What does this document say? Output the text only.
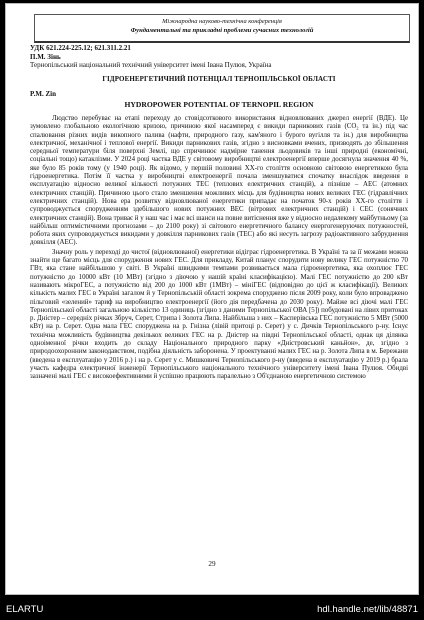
Міжнародна науково-технічна конференція
Фундаментальні та прикладні проблеми сучасних технологій
УДК 621.224-225.12; 621.311.2.21
П.М. Зінь
Тернопільський національний технічний університет імені Івана Пулюя, Україна
ГІДРОЕНЕРГЕТИЧНИЙ ПОТЕНЦІАЛ ТЕРНОПІЛЬСЬКОЇ ОБЛАСТІ
P.M. Zin
HYDROPOWER POTENTIAL OF TERNOPIL REGION

Людство перебуває на етапі переходу до стовідсоткового використання відновлюваних джерел енергії (ВДЕ). Це зумовлено глобальною екологічною кризою, причиною якої насамперед є викиди парникових газів (CO₂ та ін.) під час спалювання різних видів викопного палива (нафти, природного газу, кам'яного і бурого вугілля та ін.) для виробництва електричної, механічної і теплової енергії. Викиди парникових газів, згідно з висновками вчених, призводять до збільшення середньої температури біля поверхні Землі, що спричинює надмірне танення льодовиків та інші природні (економічні, соціальні тощо) катаклізми. У 2024 році частка ВДЕ у світовому виробництві електроенергії вперше досягнула значення 40 %, яке було 85 років тому (у 1940 році). Як відомо, у першій половині ХХ-го століття основною світовою енергетикою була гідроенергетика. Потім її частка у виробництві електроенергії почала зменшуватися спочатку внаслідок введення в експлуатацію відносно великої кількості потужних ТЕС (теплових електричних станцій), а пізніше – АЕС (атомних електричних станцій). Причиною цього стало зменшення можливих місць для будівництва нових великих ГЕС (гідравлічних електричних станцій). Нова ера розвитку відновлюваної енергетики припадає на початок 90-х років ХХ-го століття і супроводжується спорудженням здебільшого нових потужних ВЕС (вітрових електричних станцій) і СЕС (сонячних електричних станцій). Вона триває й у наш час і має всі шанси на повне витіснення вже у відносно недалекому майбутньому (за найбільш оптимістичними прогнозами – до 2100 року) зі світового енергетичного балансу енергогенеруючих потужностей, робота яких супроводжується викидами у довкілля парникових газів (ТЕС) або які несуть загрозу радіоактивного забруднення довкілля (АЕС).

Значну роль у переході до чистої (відновлюваної) енергетики відіграє гідроенергетика. В Україні та за її межами можна знайти ще багато місць для спорудження нових ГЕС. Для прикладу, Китай планує спорудити нову велику ГЕС потужністю 70 ГВт, яка стане найбільшою у світі. В Україні швидкими темпами розвивається мала гідроенергетика, яка охоплює ГЕС потужністю до 10000 кВт (10 МВт) (згідно з діючою у нашій країні класифікацією). Малі ГЕС потужністю до 200 кВт називають мікроГЕС, а потужністю від 200 до 1000 кВт (1МВт) – мініГЕС (відповідно до цієї ж класифікації). Великих кількість малих ГЕС в Україні загалом й у Тернопільській області зокрема споруджено після 2009 року, коли було впроваджено пільговий «зелений» тариф на виробництво електроенергії (його дія передбачена до 2030 року). Майже всі діючі малі ГЕС Тернопільської області загальною кількістю 13 одиниць (згідно з даними Тернопільської ОВА [5]) побудовані на лівих притоках р. Дністер – середніх річках Збруч, Серет, Стрипа і Золота Липа. Найбільша з них – Касперівська ГЕС потужністю 5 МВт (5000 кВт) на р. Серет. Одна мала ГЕС споруджена на р. Гнізна (лівій притоці р. Серет) у с. Дичків Тернопільського р-ну. Існує технічна можливість будівництва декількох великих ГЕС на р. Дністер на півдні Тернопільської області, однак ця ділянка одноіменної річки входить до складу Національного природного парку «Дністровський каньйон», де, згідно з природоохоронним законодавством, подібна діяльність заборонена. У проектуванні малих ГЕС на р. Золота Липа в м. Бережани (введена в експлуатацію у 2016 р.) і на р. Серет у с. Мишковичі Тернопільського р-ну (введена в експлуатацію у 2019 р.) брала участь кафедра електричної інженерії Тернопільського національного технічного університету імені Івана Пулюя. Обидві зазначені малі ГЕС є високоефективними й успішно працюють паралельно з Об'єднаною енергетичною системою

29
ELARTU	hdl.handle.net/lib/48871
